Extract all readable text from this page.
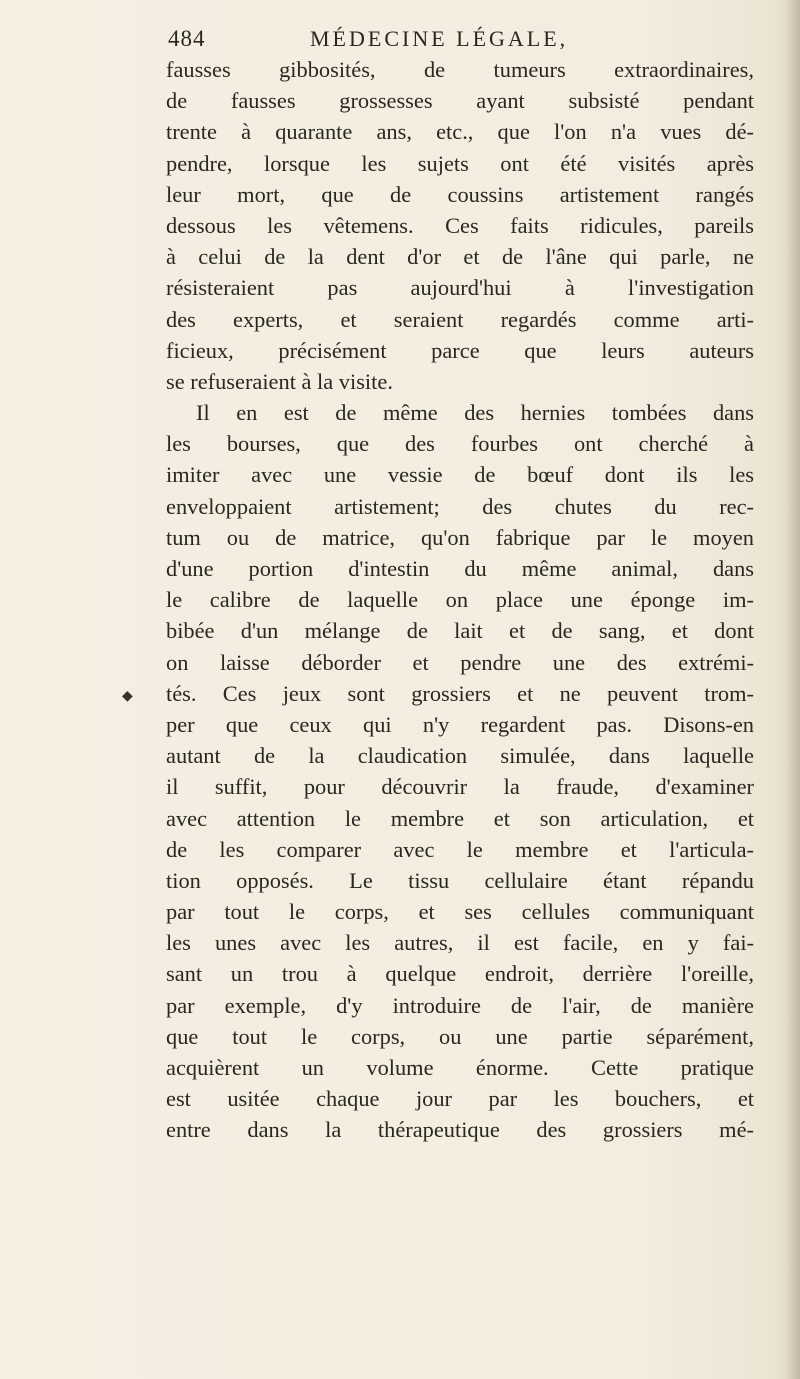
484	MÉDECINE LÉGALE,
◆
fausses gibbosités, de tumeurs extraordinaires,
de fausses grossesses ayant subsisté pendant
trente à quarante ans, etc., que l'on n'a vues dé-
pendre, lorsque les sujets ont été visités après
leur mort, que de coussins artistement rangés
dessous les vêtemens. Ces faits ridicules, pareils
à celui de la dent d'or et de l'âne qui parle, ne
résisteraient pas aujourd'hui à l'investigation
des experts, et seraient regardés comme arti-
ficieux, précisément parce que leurs auteurs
se refuseraient à la visite.
Il en est de même des hernies tombées dans
les bourses, que des fourbes ont cherché à
imiter avec une vessie de bœuf dont ils les
enveloppaient artistement; des chutes du rec-
tum ou de matrice, qu'on fabrique par le moyen
d'une portion d'intestin du même animal, dans
le calibre de laquelle on place une éponge im-
bibée d'un mélange de lait et de sang, et dont
on laisse déborder et pendre une des extrémi-
tés. Ces jeux sont grossiers et ne peuvent trom-
per que ceux qui n'y regardent pas. Disons-en
autant de la claudication simulée, dans laquelle
il suffit, pour découvrir la fraude, d'examiner
avec attention le membre et son articulation, et
de les comparer avec le membre et l'articula-
tion opposés. Le tissu cellulaire étant répandu
par tout le corps, et ses cellules communiquant
les unes avec les autres, il est facile, en y fai-
sant un trou à quelque endroit, derrière l'oreille,
par exemple, d'y introduire de l'air, de manière
que tout le corps, ou une partie séparément,
acquièrent un volume énorme. Cette pratique
est usitée chaque jour par les bouchers, et
entre dans la thérapeutique des grossiers mé-
